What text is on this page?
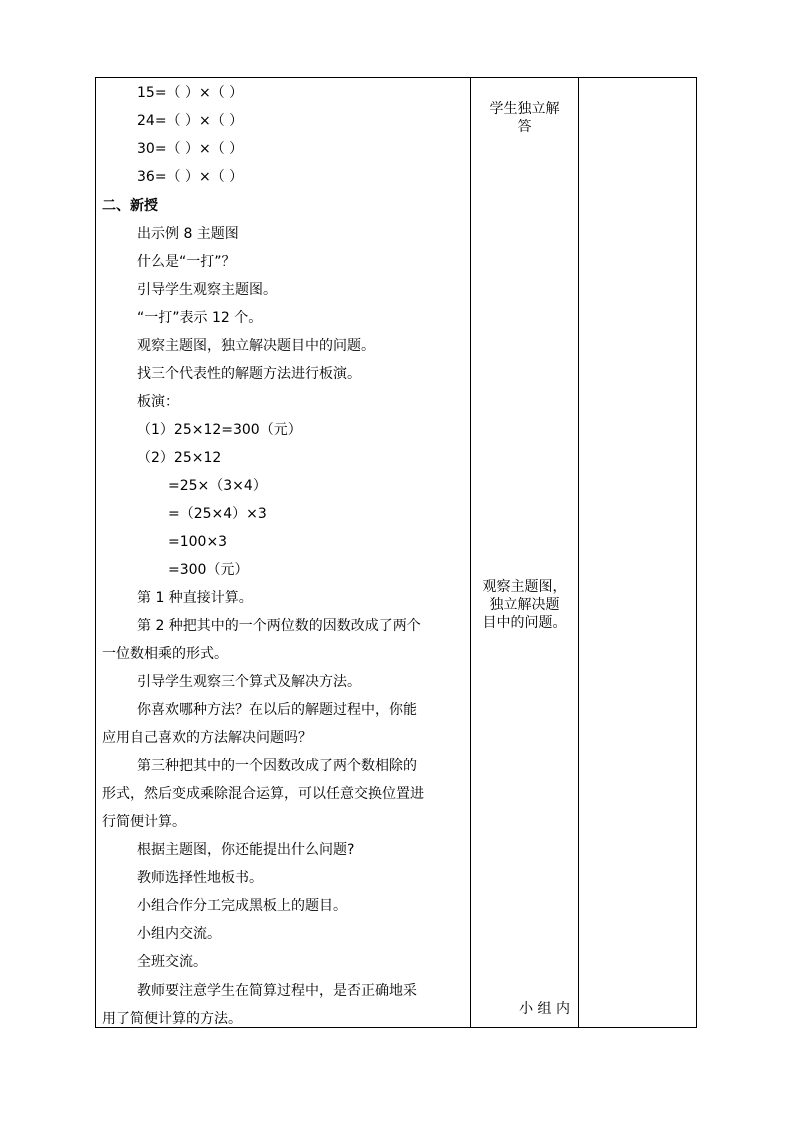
15=（ ）×（ ）
24=（ ）×（ ）
30=（ ）×（ ）
36=（ ）×（ ）
二、新授
出示例 8 主题图
什么是“一打”？
引导学生观察主题图。
“一打”表示 12 个。
观察主题图，独立解决题目中的问题。
找三个代表性的解题方法进行板演。
板演：
（1）25×12=300（元）
（2）25×12
=25×（3×4）
=（25×4）×3
=100×3
=300（元）
第 1 种直接计算。
第 2 种把其中的一个两位数的因数改成了两个
一位数相乘的形式。
引导学生观察三个算式及解决方法。
你喜欢哪种方法？在以后的解题过程中，你能
应用自己喜欢的方法解决问题吗？
第三种把其中的一个因数改成了两个数相除的
形式，然后变成乘除混合运算，可以任意交换位置进
行简便计算。
根据主题图，你还能提出什么问题?
教师选择性地板书。
小组合作分工完成黑板上的题目。
小组内交流。
全班交流。
教师要注意学生在简算过程中，是否正确地采
用了简便计算的方法。
学生独立解
答
观察主题图，
独立解决题
目中的问题。
小 组 内
